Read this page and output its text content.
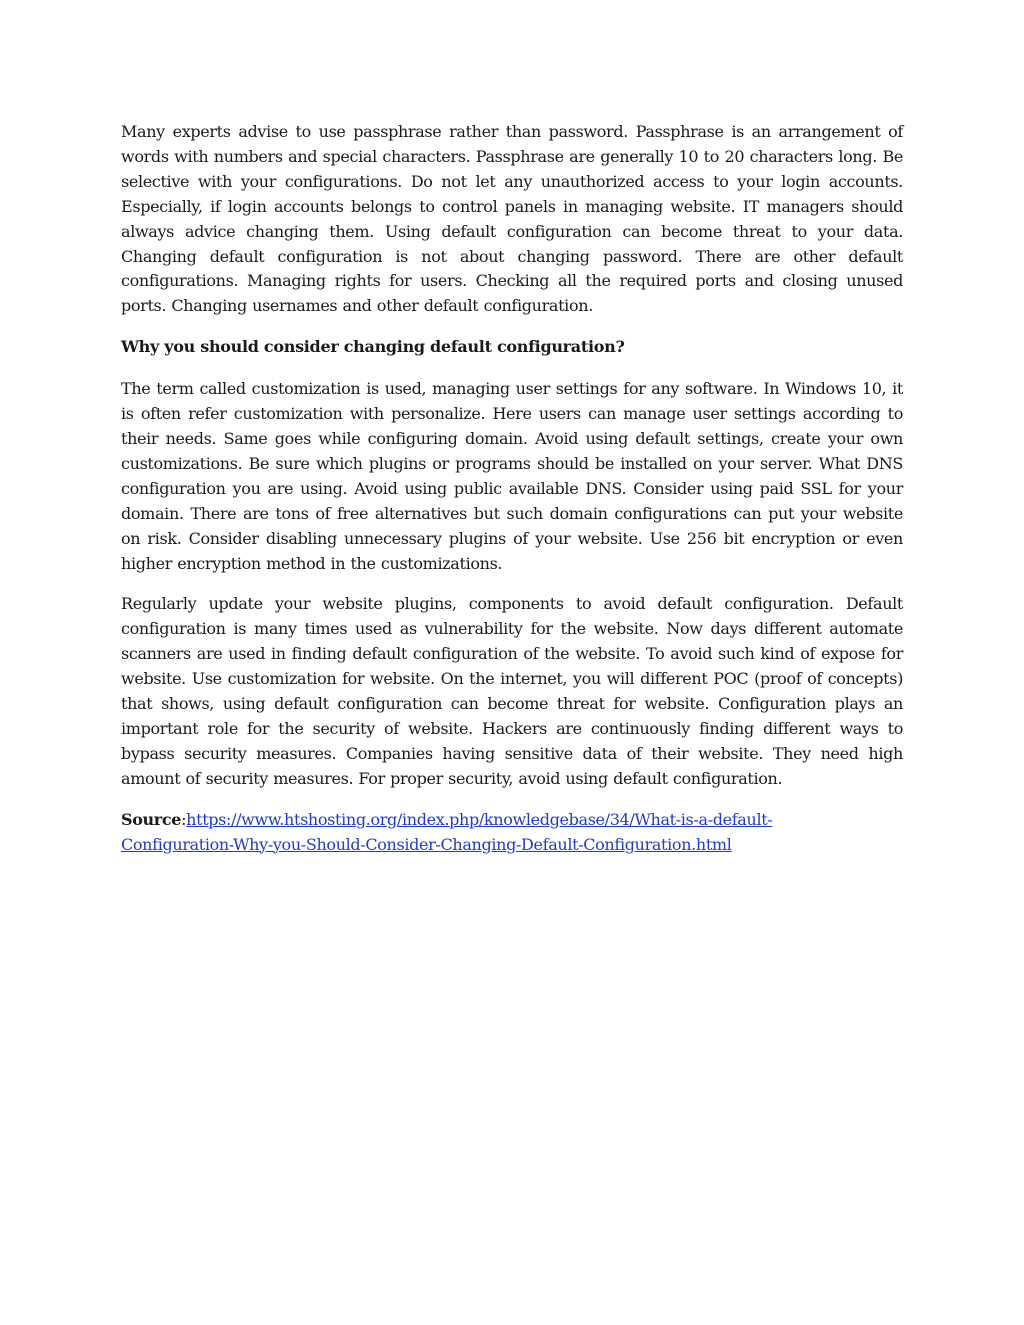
Many experts advise to use passphrase rather than password. Passphrase is an arrangement of words with numbers and special characters. Passphrase are generally 10 to 20 characters long. Be selective with your configurations. Do not let any unauthorized access to your login accounts. Especially, if login accounts belongs to control panels in managing website. IT managers should always advice changing them. Using default configuration can become threat to your data. Changing default configuration is not about changing password. There are other default configurations. Managing rights for users. Checking all the required ports and closing unused ports. Changing usernames and other default configuration.

Why you should consider changing default configuration?

The term called customization is used, managing user settings for any software. In Windows 10, it is often refer customization with personalize. Here users can manage user settings according to their needs. Same goes while configuring domain. Avoid using default settings, create your own customizations. Be sure which plugins or programs should be installed on your server. What DNS configuration you are using. Avoid using public available DNS. Consider using paid SSL for your domain. There are tons of free alternatives but such domain configurations can put your website on risk. Consider disabling unnecessary plugins of your website. Use 256 bit encryption or even higher encryption method in the customizations.

Regularly update your website plugins, components to avoid default configuration. Default configuration is many times used as vulnerability for the website. Now days different automate scanners are used in finding default configuration of the website. To avoid such kind of expose for website. Use customization for website. On the internet, you will different POC (proof of concepts) that shows, using default configuration can become threat for website. Configuration plays an important role for the security of website. Hackers are continuously finding different ways to bypass security measures. Companies having sensitive data of their website. They need high amount of security measures. For proper security, avoid using default configuration.

Source:https://www.htshosting.org/index.php/knowledgebase/34/What-is-a-default-
Configuration-Why-you-Should-Consider-Changing-Default-Configuration.html
